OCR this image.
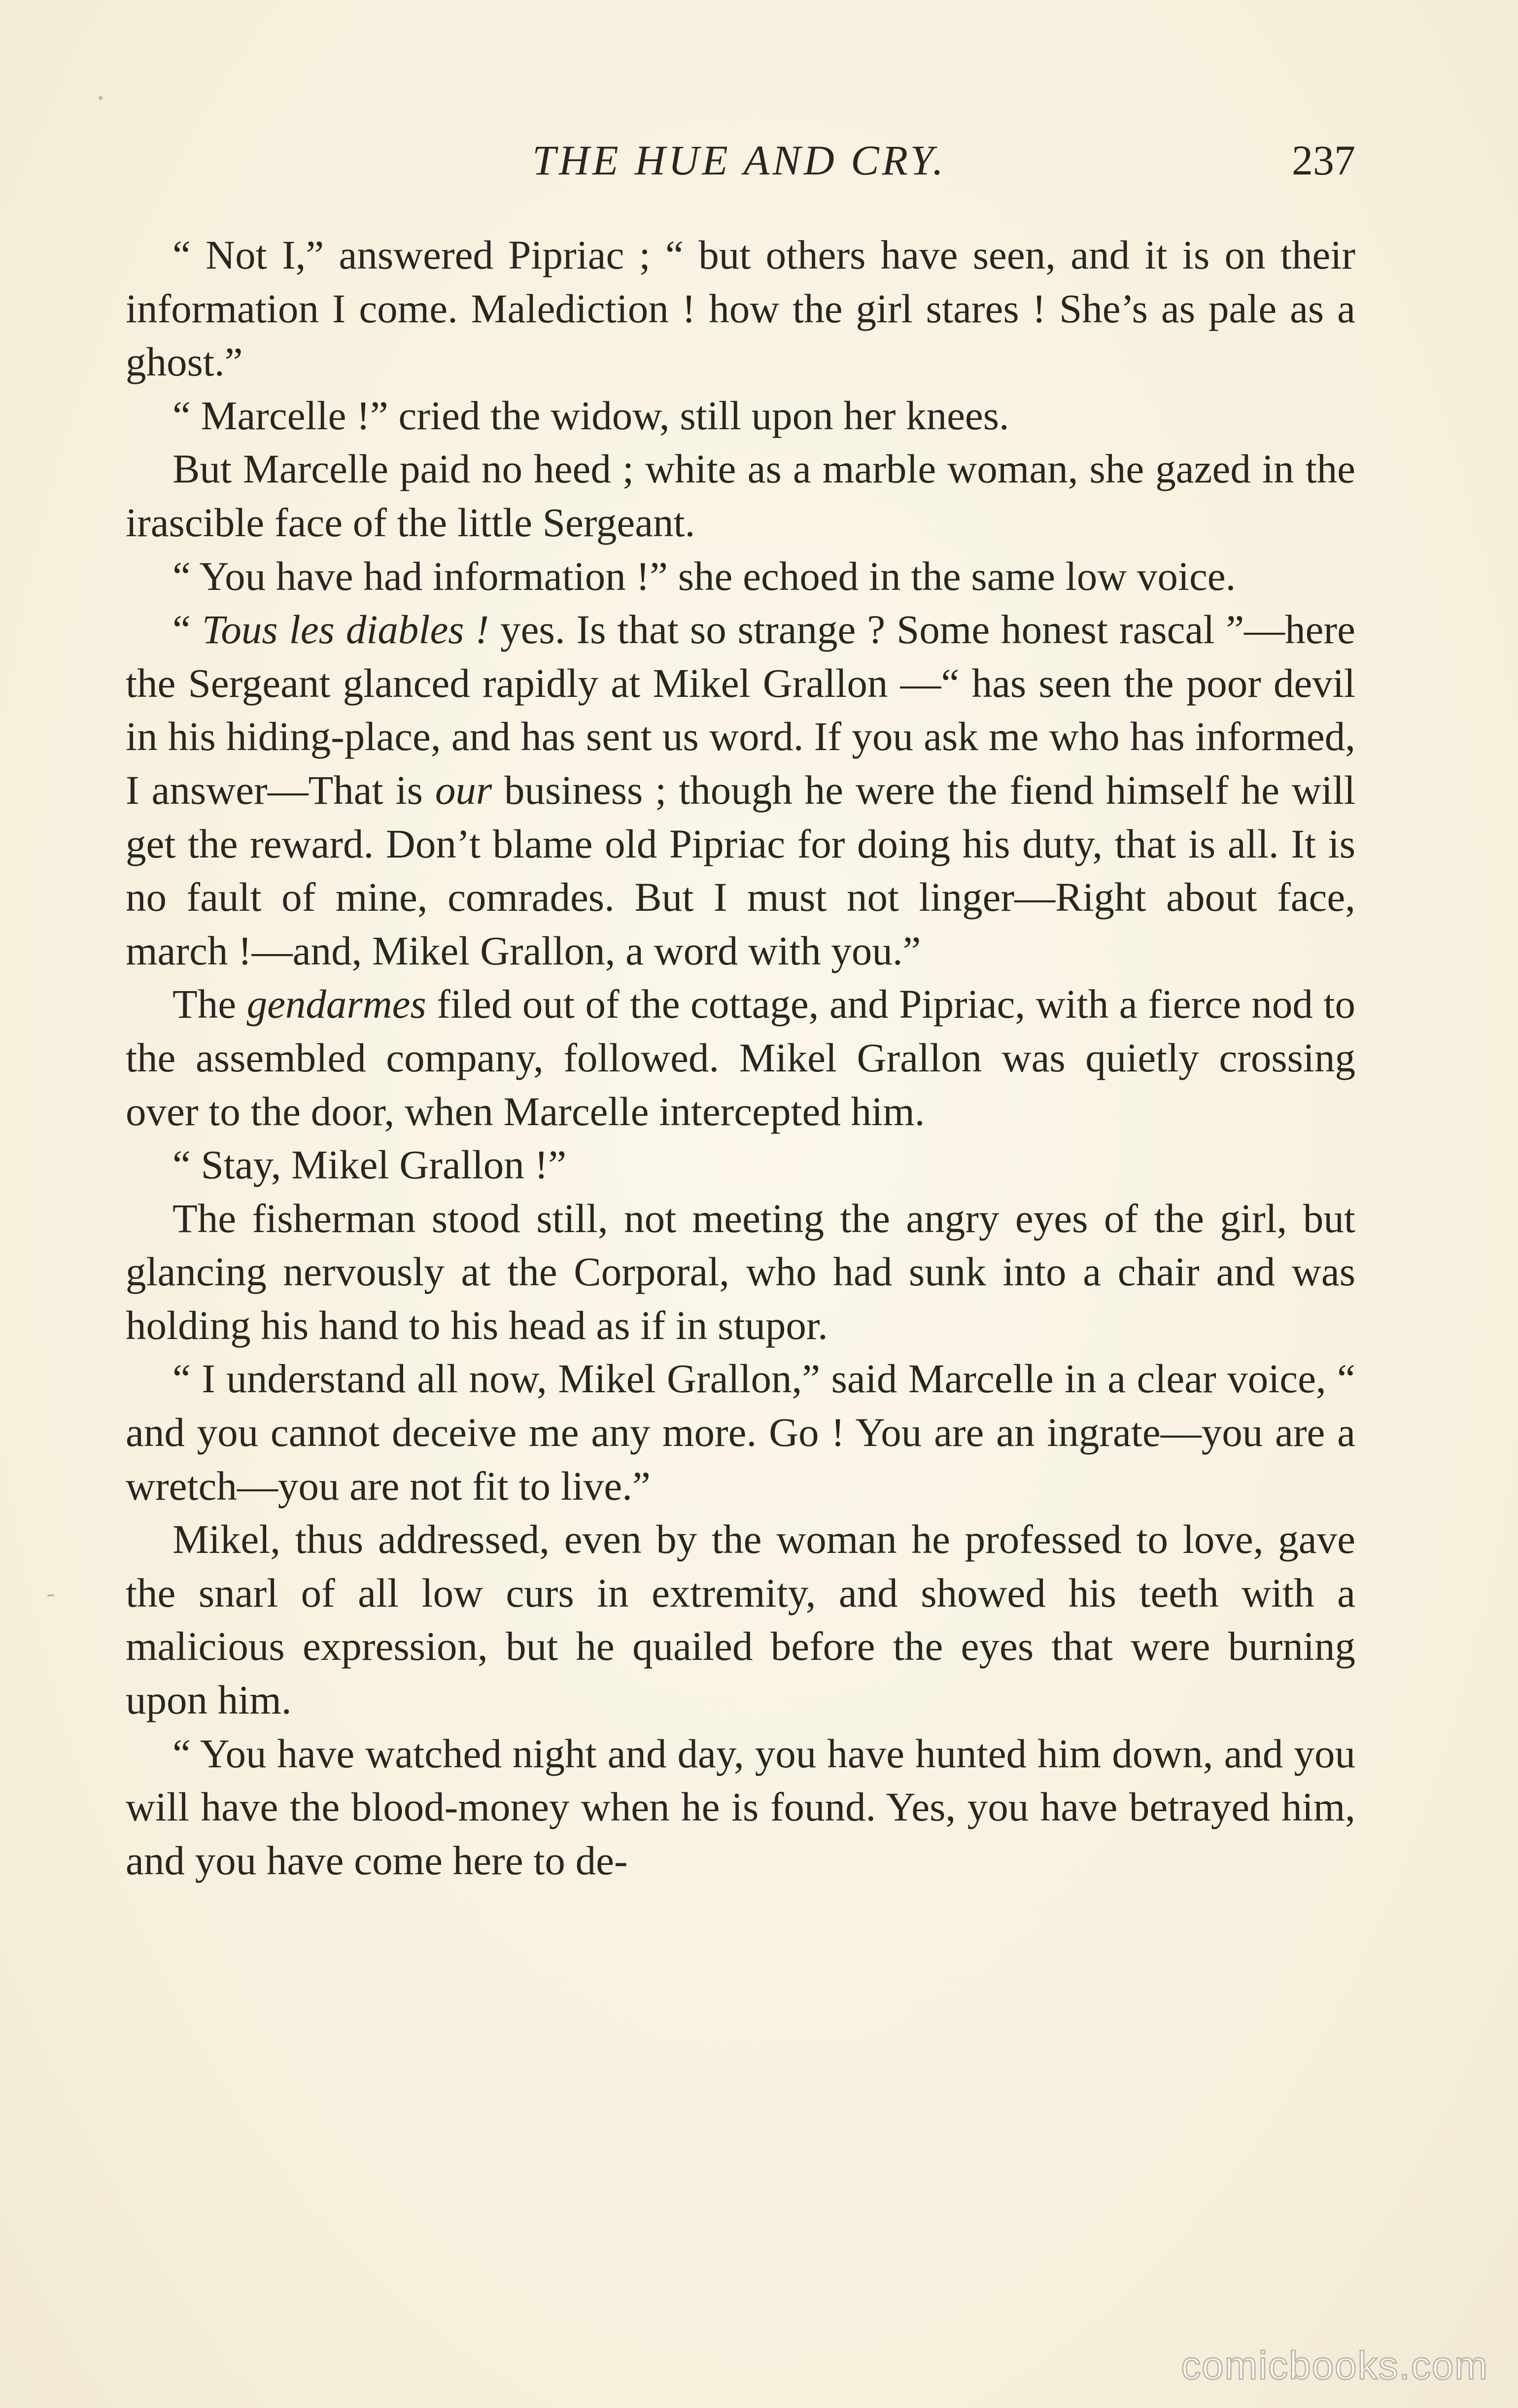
THE HUE AND CRY.	237

“ Not I,” answered Pipriac ; “ but others have seen, and it is on their information I come. Malediction ! how the girl stares ! She’s as pale as a ghost.”

“ Marcelle !” cried the widow, still upon her knees.

But Marcelle paid no heed ; white as a marble woman, she gazed in the irascible face of the little Sergeant.

“ You have had information !” she echoed in the same low voice.

“ Tous les diables ! yes. Is that so strange ? Some honest rascal ”—here the Sergeant glanced rapidly at Mikel Grallon —“ has seen the poor devil in his hiding-place, and has sent us word. If you ask me who has informed, I answer—That is our business ; though he were the fiend himself he will get the reward. Don’t blame old Pipriac for doing his duty, that is all. It is no fault of mine, comrades. But I must not linger—Right about face, march !—and, Mikel Grallon, a word with you.”

The gendarmes filed out of the cottage, and Pipriac, with a fierce nod to the assembled company, followed. Mikel Grallon was quietly crossing over to the door, when Marcelle intercepted him.

“ Stay, Mikel Grallon !”

The fisherman stood still, not meeting the angry eyes of the girl, but glancing nervously at the Corporal, who had sunk into a chair and was holding his hand to his head as if in stupor.

“ I understand all now, Mikel Grallon,” said Marcelle in a clear voice, “ and you cannot deceive me any more. Go ! You are an ingrate—you are a wretch—you are not fit to live.”

Mikel, thus addressed, even by the woman he professed to love, gave the snarl of all low curs in extremity, and showed his teeth with a malicious expression, but he quailed before the eyes that were burning upon him.

“ You have watched night and day, you have hunted him down, and you will have the blood-money when he is found. Yes, you have betrayed him, and you have come here to de-

comicbooks.com
